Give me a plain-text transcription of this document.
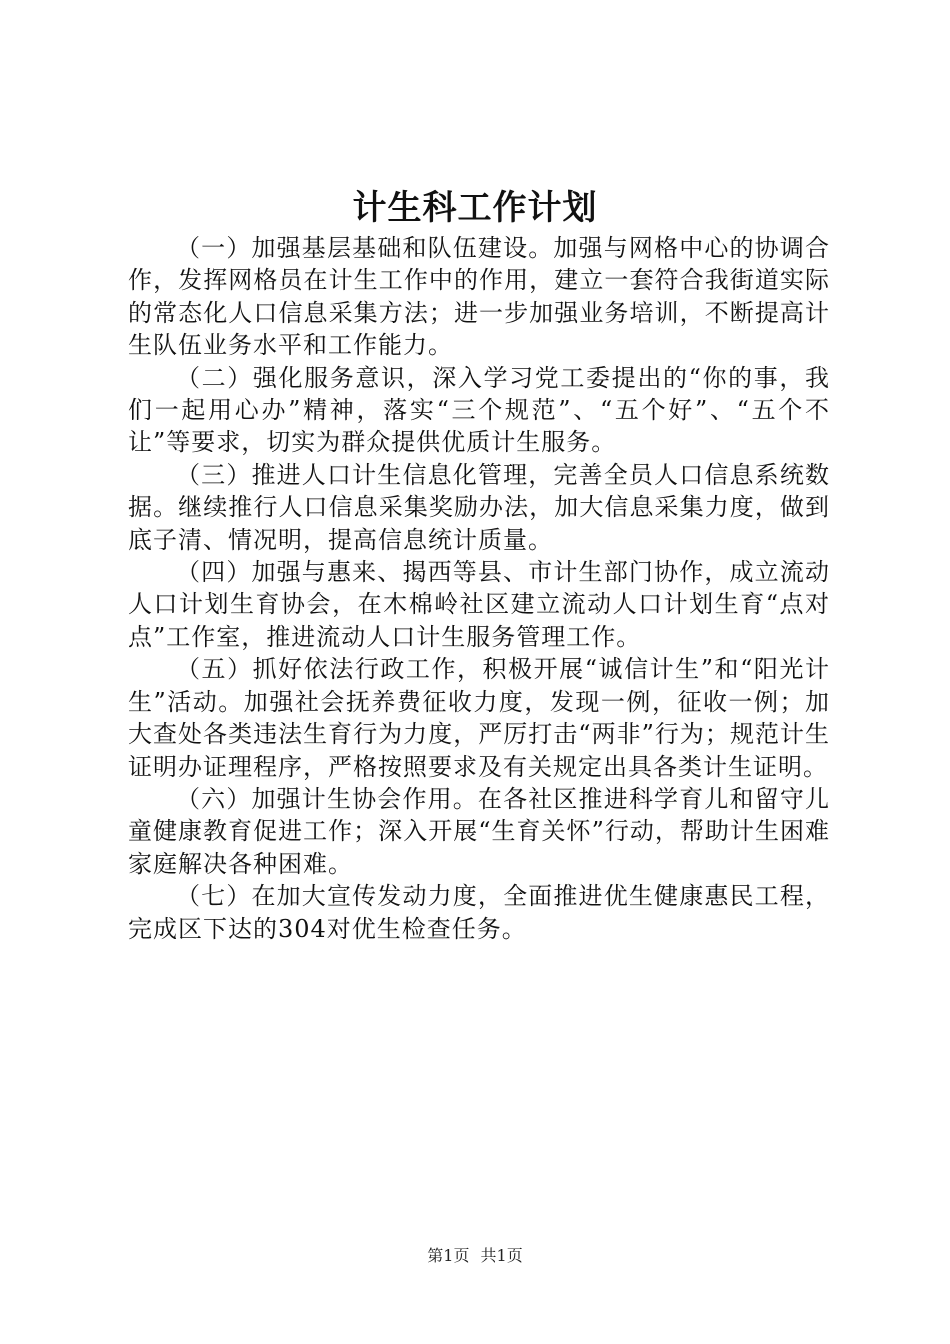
计生科工作计划

（一）加强基层基础和队伍建设。加强与网格中心的协调合作，发挥网格员在计生工作中的作用，建立一套符合我街道实际的常态化人口信息采集方法；进一步加强业务培训，不断提高计生队伍业务水平和工作能力。

（二）强化服务意识，深入学习党工委提出的“你的事，我们一起用心办”精神，落实“三个规范”、“五个好”、“五个不让”等要求，切实为群众提供优质计生服务。

（三）推进人口计生信息化管理，完善全员人口信息系统数据。继续推行人口信息采集奖励办法，加大信息采集力度，做到底子清、情况明，提高信息统计质量。

（四）加强与惠来、揭西等县、市计生部门协作，成立流动人口计划生育协会，在木棉岭社区建立流动人口计划生育“点对点”工作室，推进流动人口计生服务管理工作。

（五）抓好依法行政工作，积极开展“诚信计生”和“阳光计生”活动。加强社会抚养费征收力度，发现一例，征收一例；加大查处各类违法生育行为力度，严厉打击“两非”行为；规范计生证明办证理程序，严格按照要求及有关规定出具各类计生证明。

（六）加强计生协会作用。在各社区推进科学育儿和留守儿童健康教育促进工作；深入开展“生育关怀”行动，帮助计生困难家庭解决各种困难。

（七）在加大宣传发动力度，全面推进优生健康惠民工程，完成区下达的304对优生检查任务。

第1页 共1页
